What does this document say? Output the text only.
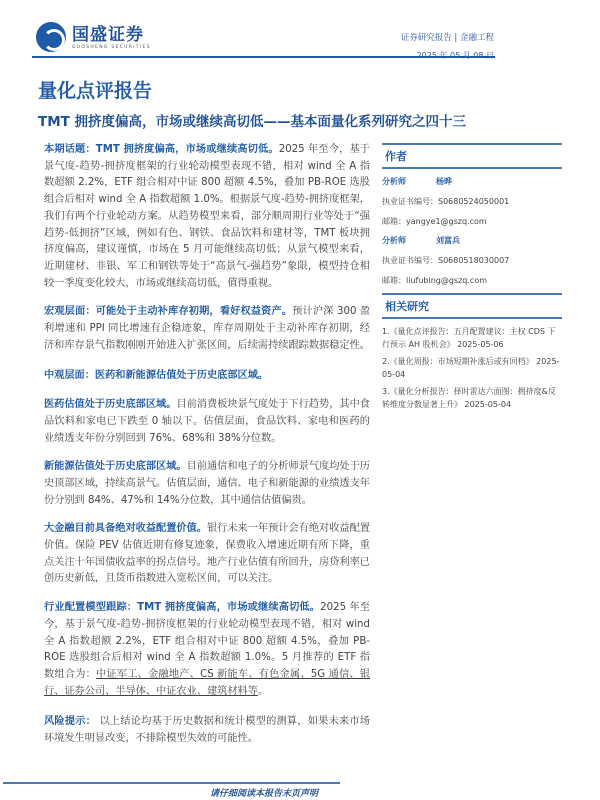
国盛证券
GUOSHENG SECURITIES
证券研究报告 | 金融工程
量化点评报告
TMT 拥挤度偏高，市场或继续高切低——基本面量化系列研究之四十三

本期话题：TMT 拥挤度偏高，市场或继续高切低。2025 年至今，基于景气度-趋势-拥挤度框架的行业轮动模型表现不错，相对 wind 全 A 指数超额 2.2%，ETF 组合相对中证 800 超额 4.5%，叠加 PB-ROE 选股组合后相对 wind 全 A 指数超额 1.0%。根据景气度-趋势-拥挤度框架，我们有两个行业轮动方案。从趋势模型来看，部分顺周期行业等处于“强趋势-低拥挤”区域，例如有色、钢铁、食品饮料和建材等，TMT 板块拥挤度偏高，建议谨慎，市场在 5 月可能继续高切低；从景气模型来看，近期建材、非银、军工和钢铁等处于“高景气-强趋势”象限，模型持仓相较一季度变化较大，市场或继续高切低，值得重视。

宏观层面：可能处于主动补库存初期，看好权益资产。预计沪深 300 盈利增速和 PPI 同比增速有企稳迹象，库存周期处于主动补库存初期，经济和库存景气指数刚刚开始进入扩张区间，后续需持续跟踪数据稳定性。

中观层面：医药和新能源估值处于历史底部区域。

医药估值处于历史底部区域。目前消费板块景气度处于下行趋势，其中食品饮料和家电已下跌至 0 轴以下。估值层面，食品饮料、家电和医药的业绩透支年份分别回到 76%、68%和 38%分位数。

新能源估值处于历史底部区域。目前通信和电子的分析师景气度均处于历史顶部区域，持续高景气。估值层面，通信、电子和新能源的业绩透支年份分别到 84%、47%和 14%分位数，其中通信估值偏贵。

大金融目前具备绝对收益配置价值。银行未来一年预计会有绝对收益配置价值。保险 PEV 估值近期有修复迹象，保费收入增速近期有所下降，重点关注十年国债收益率的拐点信号。地产行业估值有所回升，房贷利率已创历史新低，且货币指数进入宽松区间，可以关注。

行业配置模型跟踪：TMT 拥挤度偏高，市场或继续高切低。2025 年至今，基于景气度-趋势-拥挤度框架的行业轮动模型表现不错，相对 wind 全 A 指数超额 2.2%，ETF 组合相对中证 800 超额 4.5%，叠加 PB-ROE 选股组合后相对 wind 全 A 指数超额 1.0%。5 月推荐的 ETF 指数组合为：中证军工、金融地产、CS 新能车、有色金属、5G 通信、银行、证券公司、半导体、中证农业、建筑材料等。

风险提示： 以上结论均基于历史数据和统计模型的测算，如果未来市场环境发生明显改变，不排除模型失效的可能性。

作者
分析师	杨晔
执业证书编号：S0680524050001
邮箱：yangye1@gszq.com
分析师	刘富兵
执业证书编号：S0680518030007
邮箱：liufubing@gszq.com
相关研究
1.《量化点评报告：五月配置建议：主权 CDS 下行预示 AH 股机会》 2025-05-06
2.《量化周报：市场短期补涨后或有回档》 2025-05-04
3.《量化分析报告：择时雷达六面图：拥挤度&反转维度分数显著上升》 2025-05-04
请仔细阅读本报告末页声明
